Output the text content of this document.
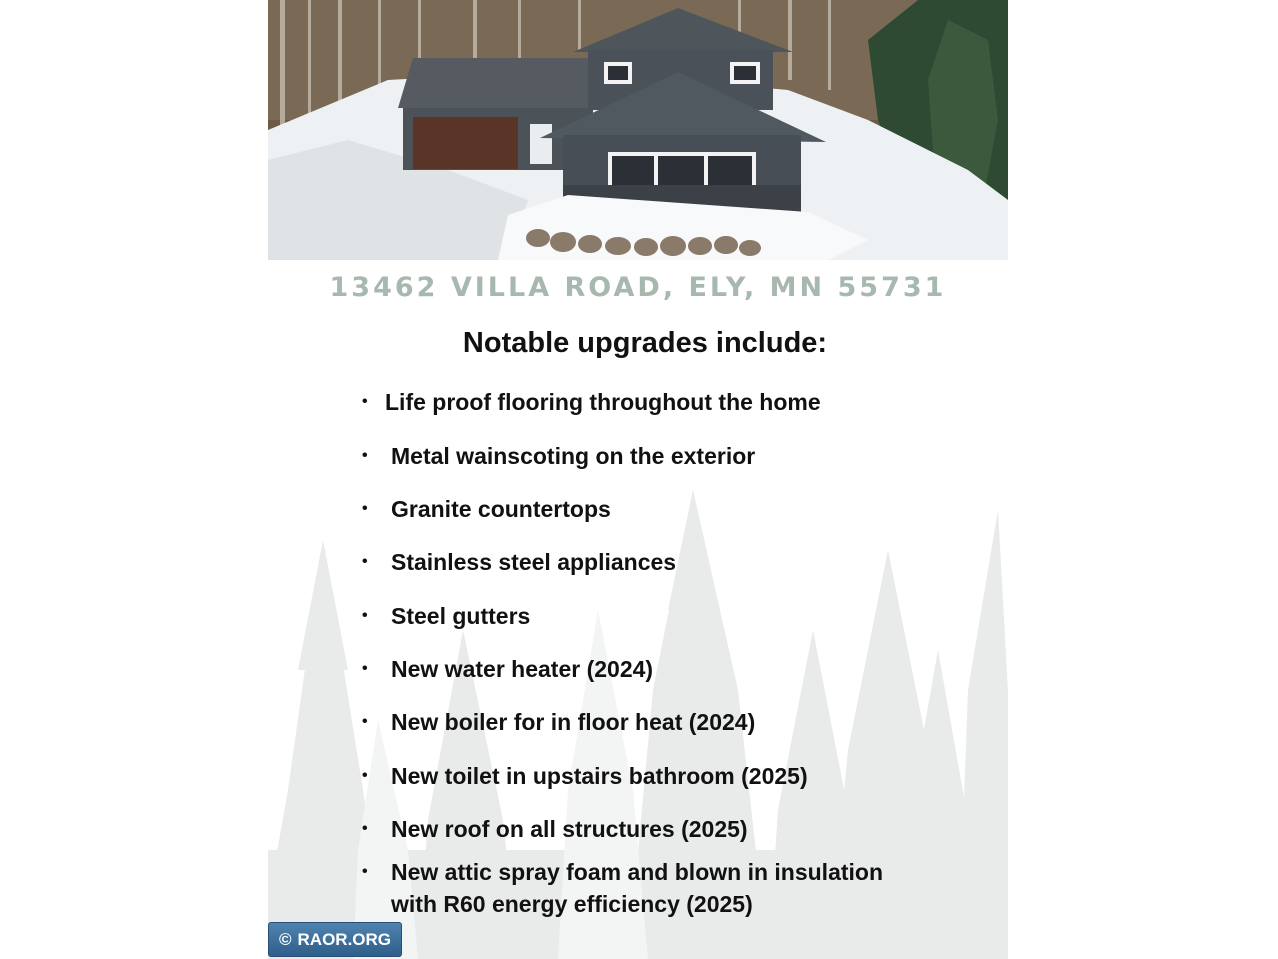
13462 VILLA ROAD, ELY, MN 55731
Notable upgrades include:
• Life proof flooring throughout the home
•	Metal wainscoting on the exterior
•	Granite countertops
•	Stainless steel appliances
•	Steel gutters
•	New water heater (2024)
•	New boiler for in floor heat (2024)
•	New toilet in upstairs bathroom (2025)
•	New roof on all structures (2025)
•	New attic spray foam and blown in insulation with R60 energy efficiency (2025)
© RAOR.ORG
